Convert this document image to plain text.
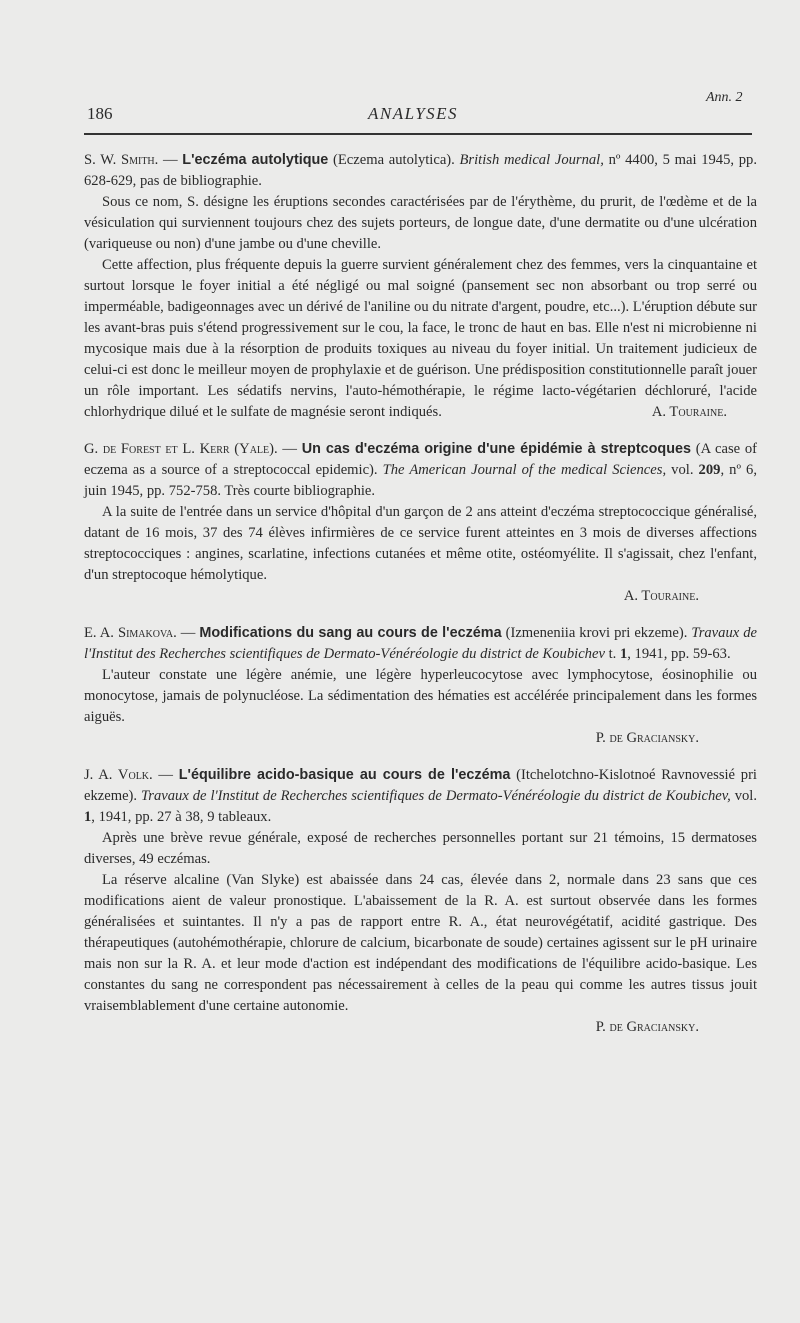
186	ANALYSES
Ann. 2
S. W. Smith. — L'eczéma autolytique (Eczema autolytica). British medical Journal, nº 4400, 5 mai 1945, pp. 628-629, pas de bibliographie.

Sous ce nom, S. désigne les éruptions secondes caractérisées par de l'érythème, du prurit, de l'œdème et de la vésiculation qui surviennent toujours chez des sujets porteurs, de longue date, d'une dermatite ou d'une ulcération (variqueuse ou non) d'une jambe ou d'une cheville.

Cette affection, plus fréquente depuis la guerre survient généralement chez des femmes, vers la cinquantaine et surtout lorsque le foyer initial a été négligé ou mal soigné (pansement sec non absorbant ou trop serré ou imperméable, badigeonnages avec un dérivé de l'aniline ou du nitrate d'argent, poudre, etc...). L'éruption débute sur les avant-bras puis s'étend progressivement sur le cou, la face, le tronc de haut en bas. Elle n'est ni microbienne ni mycosique mais due à la résorption de produits toxiques au niveau du foyer initial. Un traitement judicieux de celui-ci est donc le meilleur moyen de prophylaxie et de guérison. Une prédisposition constitutionnelle paraît jouer un rôle important. Les sédatifs nervins, l'auto-hémothérapie, le régime lacto-végétarien déchloruré, l'acide chlorhydrique dilué et le sulfate de magnésie seront indiqués.	A. Touraine.

G. de Forest et L. Kerr (Yale). — Un cas d'eczéma origine d'une épidémie à streptcoques (A case of eczema as a source of a streptococcal epidemic). The American Journal of the medical Sciences, vol. 209, nº 6, juin 1945, pp. 752-758. Très courte bibliographie.

A la suite de l'entrée dans un service d'hôpital d'un garçon de 2 ans atteint d'eczéma streptococcique généralisé, datant de 16 mois, 37 des 74 élèves infirmières de ce service furent atteintes en 3 mois de diverses affections streptococciques : angines, scarlatine, infections cutanées et même otite, ostéomyélite. Il s'agissait, chez l'enfant, d'un streptocoque hémolytique.

A. Touraine.
E. A. Simakova. — Modifications du sang au cours de l'eczéma (Izmeneniia krovi pri ekzeme). Travaux de l'Institut des Recherches scientifiques de Dermato-Vénéréologie du district de Koubichev t. 1, 1941, pp. 59-63.

L'auteur constate une légère anémie, une légère hyperleucocytose avec lymphocytose, éosinophilie ou monocytose, jamais de polynucléose. La sédimentation des hématies est accélérée principalement dans les formes aiguës.

P. de Graciansky.
J. A. Volk. — L'équilibre acido-basique au cours de l'eczéma (Itchelotchno-Kislotnoé Ravnovessié pri ekzeme). Travaux de l'Institut de Recherches scientifiques de Dermato-Vénéréologie du district de Koubichev, vol. 1, 1941, pp. 27 à 38, 9 tableaux.

Après une brève revue générale, exposé de recherches personnelles portant sur 21 témoins, 15 dermatoses diverses, 49 eczémas.

La réserve alcaline (Van Slyke) est abaissée dans 24 cas, élevée dans 2, normale dans 23 sans que ces modifications aient de valeur pronostique. L'abaissement de la R. A. est surtout observée dans les formes généralisées et suintantes. Il n'y a pas de rapport entre R. A., état neurovégétatif, acidité gastrique. Des thérapeutiques (autohémothérapie, chlorure de calcium, bicarbonate de soude) certaines agissent sur le pH urinaire mais non sur la R. A. et leur mode d'action est indépendant des modifications de l'équilibre acido-basique. Les constantes du sang ne correspondent pas nécessairement à celles de la peau qui comme les autres tissus jouit vraisemblablement d'une certaine autonomie.

P. de Graciansky.
